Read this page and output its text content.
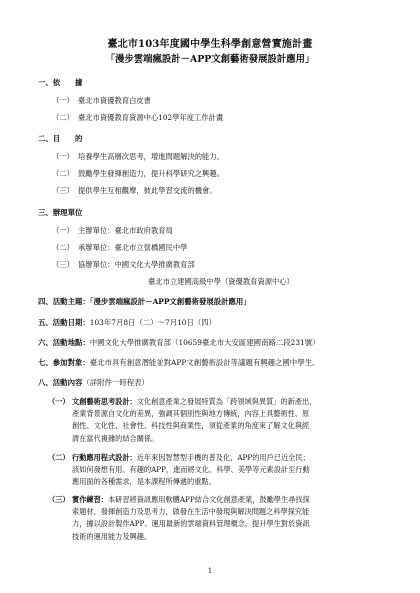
臺北市103年度國中學生科學創意營實施計畫
「漫步雲端瘋設計－APP文創藝術發展設計應用」
一、依　　據
（一） 臺北市資優教育白皮書
（二） 臺北市資優教育資源中心102學年度工作計畫
二、目　　的
（一） 培養學生高層次思考，增進問題解決的能力。
（二） 鼓勵學生發揮創造力，提升科學研究之興趣。
（三） 提供學生互相觀摩，彼此學習交流的機會。
三、辦理單位
（一） 主辦單位：臺北市政府教育局
（二） 承辦單位：臺北市立營橋國民中學
（三） 協辦單位：中國文化大學推廣教育部
臺北市立建國高級中學（資優教育資源中心）
四、活動主題：「漫步雲端瘋設計－APP文創藝術發展設計應用」
五、活動日期：103年7月8日（二）～7月10日（四）
六、活動地點：中國文化大學推廣教育部（10659臺北市大安區建國南路二段231號）
七、參加對象：臺北市具有創意潛能並對APP文創藝術設計等議題有興趣之國中學生。
八、活動內容（詳附件一時程表）
（一） 文創藝術思考設計：文化創意產業之發展特質為「跨領域與異質」的新產出，
產業背景源自文化的差異，強調其個別性與地方傳統，內容上具藝術性、原
創性、文化性、社會性、科技性與商業性，須從產業的角度來了解文化與經
濟在當代複雜的結合關係。
（二） 行動應用程式設計：近年來因智慧型手機的普及化，APP的用戶已近全民；
該如何發想有用、有趣的APP，進而將文化、科學、美學等元素設計至行動
應用面的各種需求，是本課程所傳遞的重點。
（三） 實作練習：本研習將資訊應用軟體APP結合文化創意產業，鼓勵學生尋找探
索題材，發揮創造力及思考力，啟發在生活中發現與解決問題之科學探究能
力，據以設計製作APP。運用最新的雲端資料管理概念，提升學生對於資訊
技術的運用能力及興趣。
1
